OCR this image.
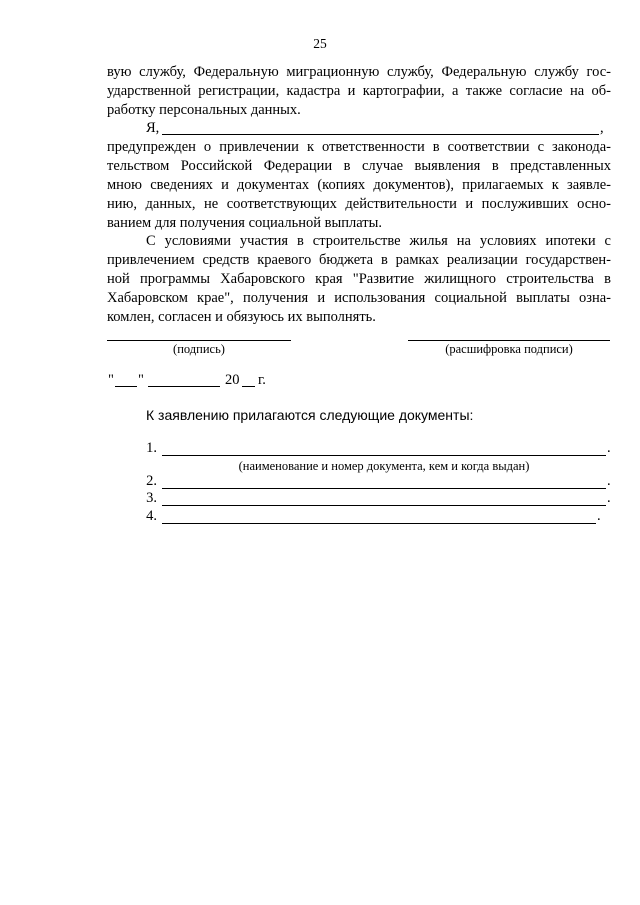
25
вую службу, Федеральную миграционную службу, Федеральную службу гос-
ударственной регистрации, кадастра и картографии, а также согласие на об-
работку персональных данных.
Я,	,
предупрежден о привлечении к ответственности в соответствии с законода-
тельством Российской Федерации в случае выявления в представленных
мною сведениях и документах (копиях документов), прилагаемых к заявле-
нию, данных, не соответствующих действительности и послуживших осно-
ванием для получения социальной выплаты.
С условиями участия в строительстве жилья на условиях ипотеки с
привлечением средств краевого бюджета в рамках реализации государствен-
ной программы Хабаровского края "Развитие жилищного строительства в
Хабаровском крае", получения и использования социальной выплаты озна-
комлен, согласен и обязуюсь их выполнять.
(подпись)	(расшифровка подписи)
" "	20 г.
К заявлению прилагаются следующие документы:
1.	.
(наименование и номер документа, кем и когда выдан)
2.	.
3.	.
4.	.
